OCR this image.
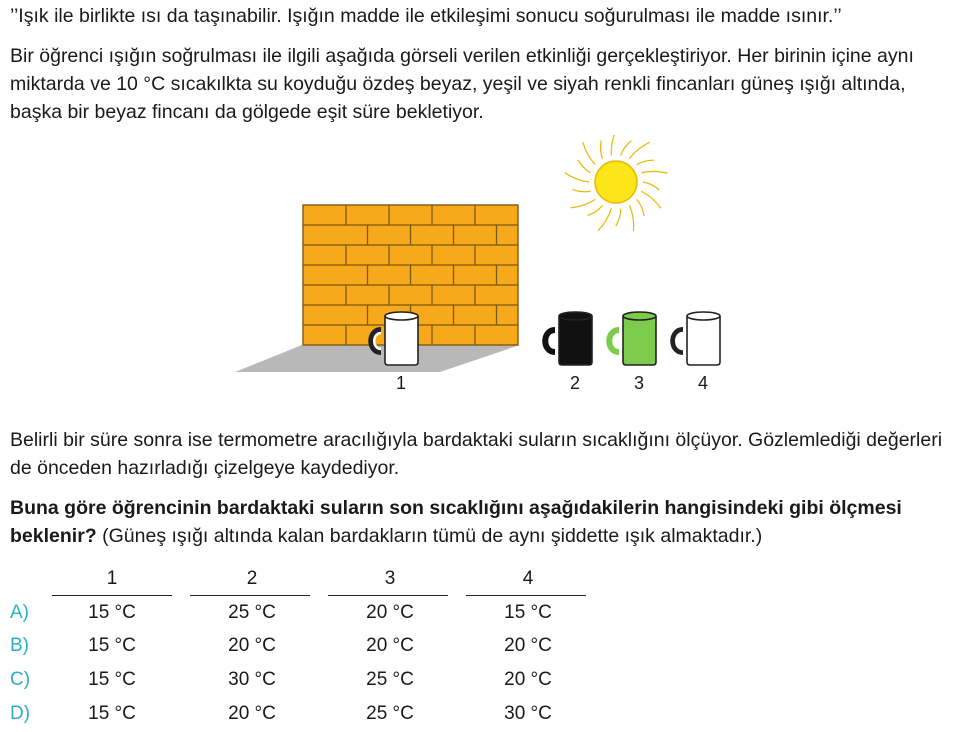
’’Işık ile birlikte ısı da taşınabilir. Işığın madde ile etkileşimi sonucu soğurulması ile madde ısınır.’’

Bir öğrenci ışığın soğrulması ile ilgili aşağıda görseli verilen etkinliği gerçekleştiriyor. Her birinin içine aynı miktarda ve 10 °C sıcakılkta su koyduğu özdeş beyaz, yeşil ve siyah renkli fincanları güneş ışığı altında, başka bir beyaz fincanı da gölgede eşit süre bekletiyor.

1	2	3	4

Belirli bir süre sonra ise termometre aracılığıyla bardaktaki suların sıcaklığını ölçüyor. Gözlemlediği değerleri de önceden hazırladığı çizelgeye kaydediyor.

Buna göre öğrencinin bardaktaki suların son sıcaklığını aşağıdakilerin hangisindeki gibi ölçmesi beklenir? (Güneş ışığı altında kalan bardakların tümü de aynı şiddette ışık almaktadır.)

1	2	3	4
A)	15 °C	25 °C	20 °C	15 °C
B)	15 °C	20 °C	20 °C	20 °C
C)	15 °C	30 °C	25 °C	20 °C
D)	15 °C	20 °C	25 °C	30 °C
